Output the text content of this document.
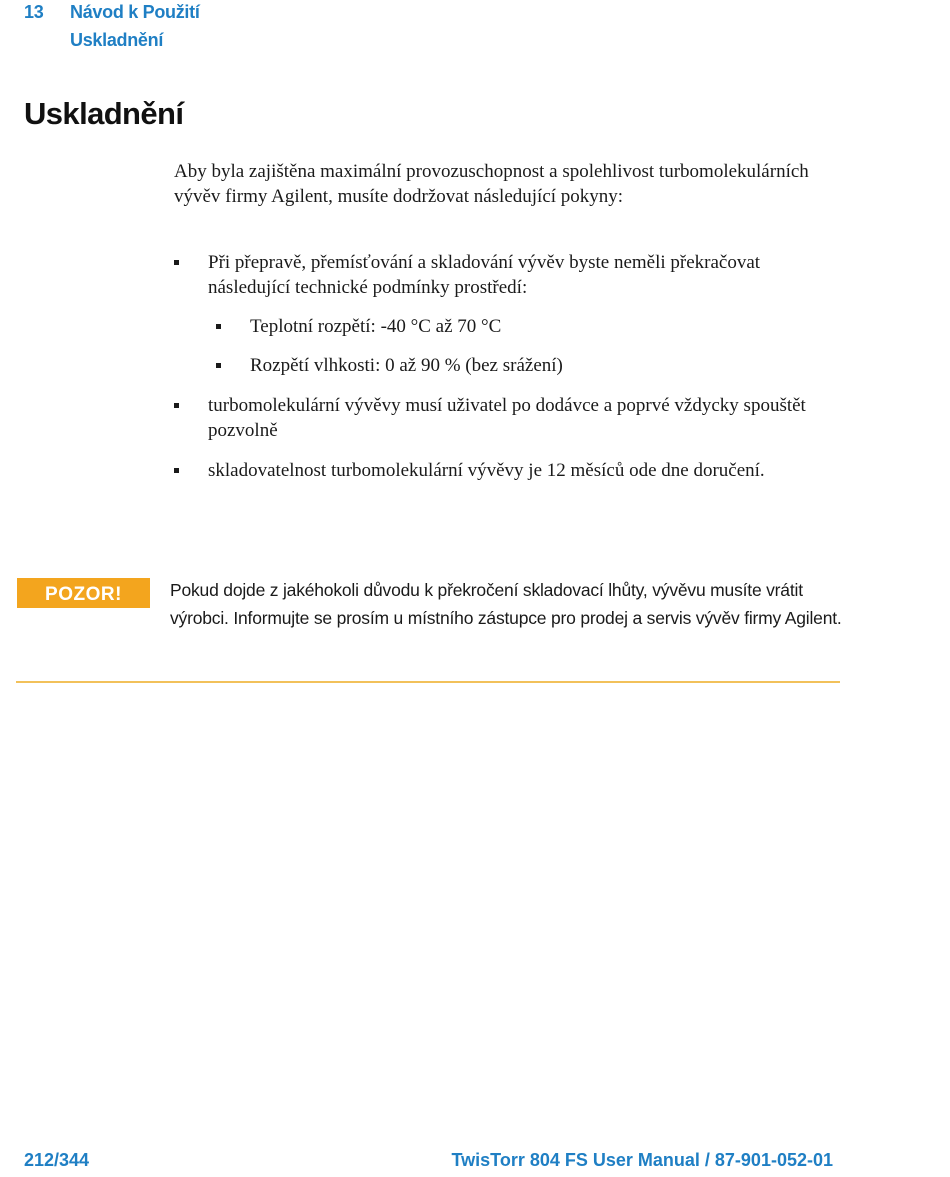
13 Návod k Použití
Uskladnění
Uskladnění
Aby byla zajištěna maximální provozuschopnost a spolehlivost turbomolekulárních vývěv firmy Agilent, musíte dodržovat následující pokyny:
Při přepravě, přemísťování a skladování vývěv byste neměli překračovat následující technické podmínky prostředí:
Teplotní rozpětí: -40 °C až 70 °C
Rozpětí vlhkosti: 0 až 90 % (bez srážení)
turbomolekulární vývěvy musí uživatel po dodávce a poprvé vždycky spouštět pozvolně
skladovatelnost turbomolekulární vývěvy je 12 měsíců ode dne doručení.
POZOR!	Pokud dojde z jakéhokoli důvodu k překročení skladovací lhůty, vývěvu musíte vrátit výrobci. Informujte se prosím u místního zástupce pro prodej a servis vývěv firmy Agilent.
212/344	TwisTorr 804 FS User Manual / 87-901-052-01
